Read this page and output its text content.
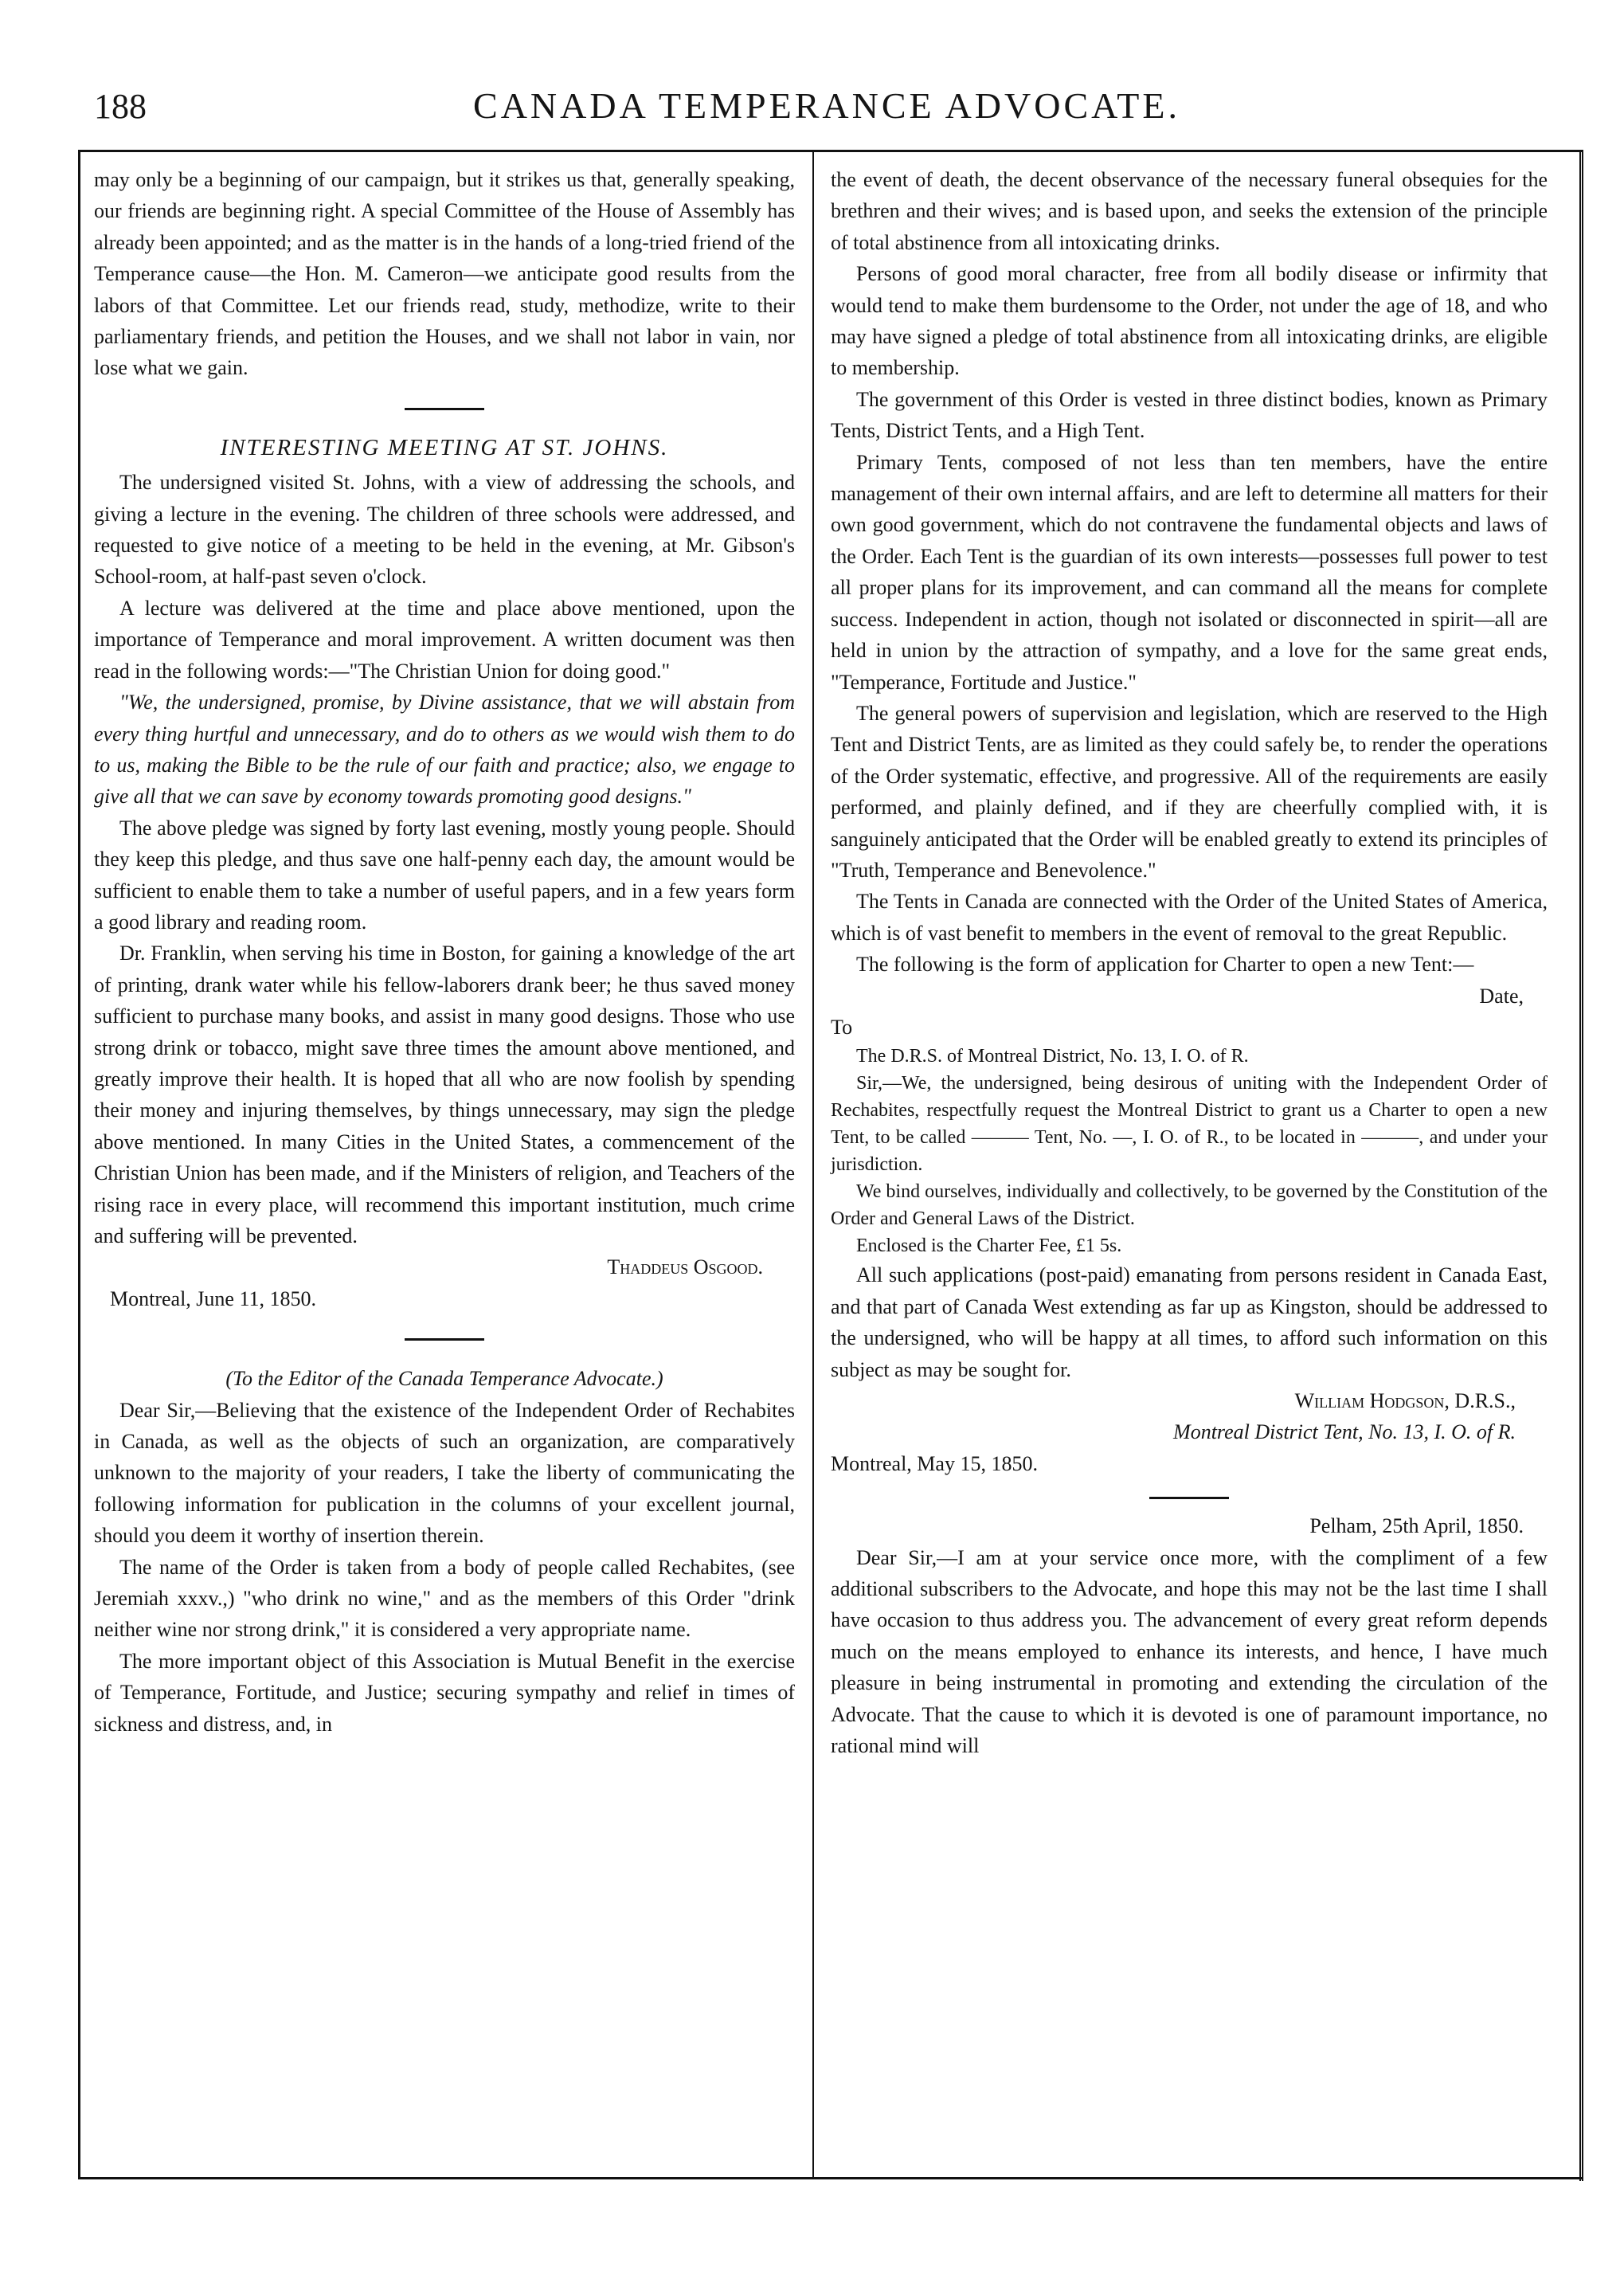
188	CANADA TEMPERANCE ADVOCATE.

may only be a beginning of our campaign, but it strikes us that, generally speaking, our friends are beginning right. A special Committee of the House of Assembly has already been appointed; and as the matter is in the hands of a long-tried friend of the Temperance cause—the Hon. M. Cameron—we anticipate good results from the labors of that Committee. Let our friends read, study, methodize, write to their parliamentary friends, and petition the Houses, and we shall not labor in vain, nor lose what we gain.

INTERESTING MEETING AT ST. JOHNS.

The undersigned visited St. Johns, with a view of addressing the schools, and giving a lecture in the evening. The children of three schools were addressed, and requested to give notice of a meeting to be held in the evening, at Mr. Gibson's School-room, at half-past seven o'clock.

A lecture was delivered at the time and place above mentioned, upon the importance of Temperance and moral improvement. A written document was then read in the following words:—"The Christian Union for doing good."

"We, the undersigned, promise, by Divine assistance, that we will abstain from every thing hurtful and unnecessary, and do to others as we would wish them to do to us, making the Bible to be the rule of our faith and practice; also, we engage to give all that we can save by economy towards promoting good designs."

The above pledge was signed by forty last evening, mostly young people. Should they keep this pledge, and thus save one half-penny each day, the amount would be sufficient to enable them to take a number of useful papers, and in a few years form a good library and reading room.

Dr. Franklin, when serving his time in Boston, for gaining a knowledge of the art of printing, drank water while his fellow-laborers drank beer; he thus saved money sufficient to purchase many books, and assist in many good designs. Those who use strong drink or tobacco, might save three times the amount above mentioned, and greatly improve their health. It is hoped that all who are now foolish by spending their money and injuring themselves, by things unnecessary, may sign the pledge above mentioned. In many Cities in the United States, a commencement of the Christian Union has been made, and if the Ministers of religion, and Teachers of the rising race in every place, will recommend this important institution, much crime and suffering will be prevented.

Thaddeus Osgood.

Montreal, June 11, 1850.

(To the Editor of the Canada Temperance Advocate.)

Dear Sir,—Believing that the existence of the Independent Order of Rechabites in Canada, as well as the objects of such an organization, are comparatively unknown to the majority of your readers, I take the liberty of communicating the following information for publication in the columns of your excellent journal, should you deem it worthy of insertion therein.

The name of the Order is taken from a body of people called Rechabites, (see Jeremiah xxxv.,) "who drink no wine," and as the members of this Order "drink neither wine nor strong drink," it is considered a very appropriate name.

The more important object of this Association is Mutual Benefit in the exercise of Temperance, Fortitude, and Justice; securing sympathy and relief in times of sickness and distress, and, in

the event of death, the decent observance of the necessary funeral obsequies for the brethren and their wives; and is based upon, and seeks the extension of the principle of total abstinence from all intoxicating drinks.

Persons of good moral character, free from all bodily disease or infirmity that would tend to make them burdensome to the Order, not under the age of 18, and who may have signed a pledge of total abstinence from all intoxicating drinks, are eligible to membership.

The government of this Order is vested in three distinct bodies, known as Primary Tents, District Tents, and a High Tent.

Primary Tents, composed of not less than ten members, have the entire management of their own internal affairs, and are left to determine all matters for their own good government, which do not contravene the fundamental objects and laws of the Order. Each Tent is the guardian of its own interests—possesses full power to test all proper plans for its improvement, and can command all the means for complete success. Independent in action, though not isolated or disconnected in spirit—all are held in union by the attraction of sympathy, and a love for the same great ends, "Temperance, Fortitude and Justice."

The general powers of supervision and legislation, which are reserved to the High Tent and District Tents, are as limited as they could safely be, to render the operations of the Order systematic, effective, and progressive. All of the requirements are easily performed, and plainly defined, and if they are cheerfully complied with, it is sanguinely anticipated that the Order will be enabled greatly to extend its principles of "Truth, Temperance and Benevolence."

The Tents in Canada are connected with the Order of the United States of America, which is of vast benefit to members in the event of removal to the great Republic.

The following is the form of application for Charter to open a new Tent:—

Date,

To

The D.R.S. of Montreal District, No. 13, I. O. of R.

Sir,—We, the undersigned, being desirous of uniting with the Independent Order of Rechabites, respectfully request the Montreal District to grant us a Charter to open a new Tent, to be called ——— Tent, No. —, I. O. of R., to be located in ———, and under your jurisdiction.

We bind ourselves, individually and collectively, to be governed by the Constitution of the Order and General Laws of the District.

Enclosed is the Charter Fee, £1 5s.

All such applications (post-paid) emanating from persons resident in Canada East, and that part of Canada West extending as far up as Kingston, should be addressed to the undersigned, who will be happy at all times, to afford such information on this subject as may be sought for.

William Hodgson, D.R.S.,

Montreal District Tent, No. 13, I. O. of R.

Montreal, May 15, 1850.

Pelham, 25th April, 1850.

Dear Sir,—I am at your service once more, with the compliment of a few additional subscribers to the Advocate, and hope this may not be the last time I shall have occasion to thus address you. The advancement of every great reform depends much on the means employed to enhance its interests, and hence, I have much pleasure in being instrumental in promoting and extending the circulation of the Advocate. That the cause to which it is devoted is one of paramount importance, no rational mind will
